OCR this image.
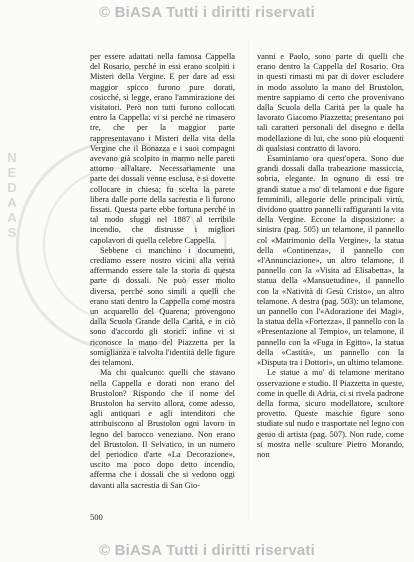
© BiASA Tutti i diritti riservati
N E D A A S

per essere adattati nella famosa Cappella del Rosario, perché in essi erano scolpiti i Misteri della Vergine. E per dare ad essi maggior spicco furono pure dorati, cosicché, si legge, erano l'ammirazione dei visitatori. Però non tutti furono collocati entro la Cappella: vi si perché ne rimasero tre, che per la maggior parte rappresentavano i Misteri della vita della Vergine che il Bonazza e i suoi compagni avevano già scolpito in marmo nelle pareti attorno all'altare. Necessariamente una parte dei dossali venne esclusa, e si dovette collocare in chiesa; fu scelta la parete libera dalle porte della sacrestia e lì furono fissati. Questa parte ebbe fortuna perché in tal modo sfuggì nel 1887 al terribile incendio, che distrusse i migliori capolavori di quella celebre Cappella.

Sebbene ci manchino i documenti, crediamo essere nostro vicini alla verità affermando essere tale la storia di questa parte di dossali. Ne può esser molto diversa, perché sono simili a quelli che erano stati dentro la Cappella come mostra un acquarello del Quarena; provengono dalla Scuola Grande della Carità, e in ciò sono d'accordo gli storici: infine vi si riconosce la mano del Piazzetta per la somiglianza e talvolta l'identità delle figure dei telamoni.

Ma chi qualcuno: quelli che stavano nella Cappella e dorati non erano del Brustolon? Rispondo che il nome del Brustolon ha servito allora, come adesso, agli antiquari e agli intenditori che attribuiscono al Brustolon ogni lavoro in legno del barocco veneziano. Non erano del Brustolon. Il Selvatico, in un numero del periodico d'arte «La Decorazione», uscito ma poco dopo detto incendio, afferma che i dossali che si vedono oggi davanti alla sacrestia di San Gio-

vanni e Paolo, sono parte di quelli che erano dentro la Cappella del Rosario. Ora in questi rimasti mi par di dover escludere in modo assoluto la mano del Brustolon, mentre sappiamo di certo che provenivano dalla Scuola della Carità per la quale ha lavorato Giacomo Piazzetta; presentano poi tali caratteri personali del disegno e della modellazione di lui, che sono più eloquenti di qualsiasi contratto di lavoro.

Esaminiamo ora quest'opera. Sono due grandi dossali dalla trabeazione massiccia, sobria, elegante. In ognuno di essi tre grandi statue a mo' di telamoni e due figure femminili, allegorie delle principali virtù, dividono quattro pannelli raffiguranti la vita della Vergine. Eccone la disposizione: a sinistra (pag. 505) un telamone, il pannello col «Matrimonio della Vergine», la statua della «Continenza», il pannello con «l'Annunciazione», un altro telamone, il pannello con la «Visita ad Elisabetta», la statua della «Mansuetudine», il pannello con la «Natività di Gesù Cristo», un altro telamone. A destra (pag. 503): un telamone, un pannello con l'«Adorazione dei Magi», la statua della «Fortezza», il pannello con la «Presentazione al Tempio», un telamone, il pannello con la «Fuga in Egitto», la statua della «Castità», un pannello con la «Disputa tra i Dottori», un ultimo telamone.

Le statue a mo' di telamone meritano osservazione e studio. Il Piazzetta in queste, come in quelle di Adria, ci si rivela padrone della forma, sicuro modellatore, scultore provetto. Queste maschie figure sono studiate sul nudo e trasportate nel legno con genio di artista (pag. 507). Non rude, come si mostra nelle sculture Pietro Morando, non

500
© BiASA Tutti i diritti riservati
